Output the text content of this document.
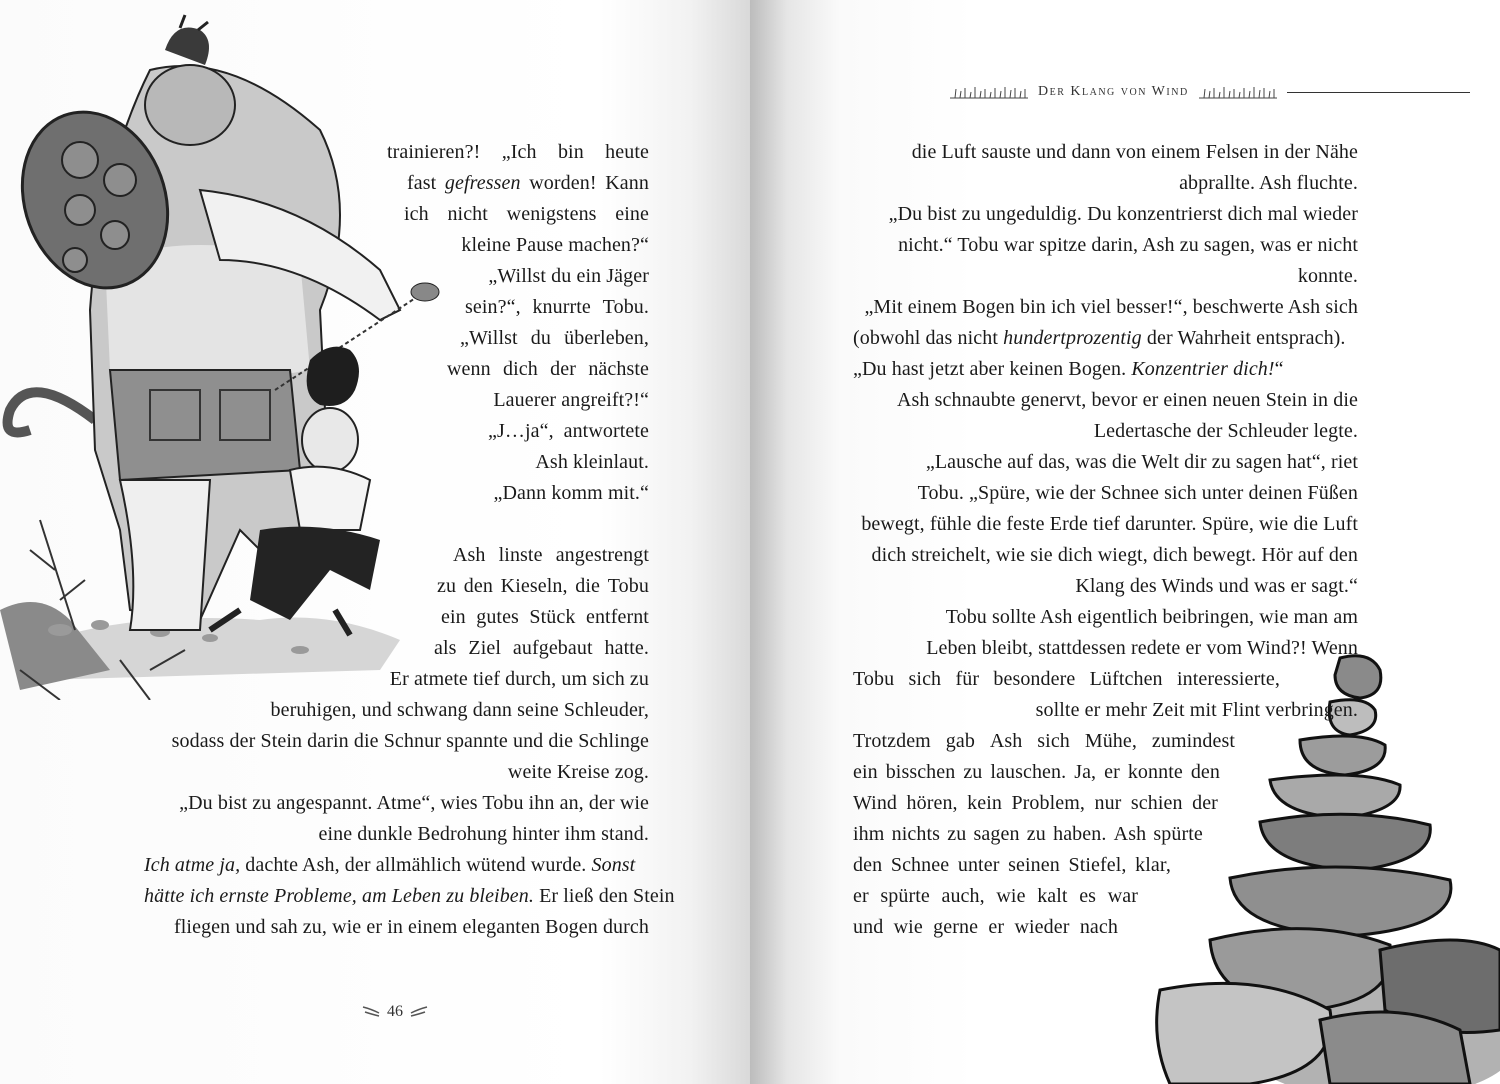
trainieren?! „Ich bin heute
fast gefressen worden! Kann
ich nicht wenigstens eine
kleine Pause machen?“
„Willst du ein Jäger
sein?“, knurrte Tobu.
„Willst du überleben,
wenn dich der nächste
Lauerer angreift?!“
„J…ja“, antwortete
Ash kleinlaut.
„Dann komm mit.“
Ash linste angestrengt
zu den Kieseln, die Tobu
ein gutes Stück entfernt
als Ziel aufgebaut hatte.
Er atmete tief durch, um sich zu
beruhigen, und schwang dann seine Schleuder,
sodass der Stein darin die Schnur spannte und die Schlinge
weite Kreise zog.
„Du bist zu angespannt. Atme“, wies Tobu ihn an, der wie
eine dunkle Bedrohung hinter ihm stand.
Ich atme ja, dachte Ash, der allmählich wütend wurde. Sonst
hätte ich ernste Probleme, am Leben zu bleiben. Er ließ den Stein
fliegen und sah zu, wie er in einem eleganten Bogen durch
46
Der Klang von Wind
die Luft sauste und dann von einem Felsen in der Nähe
abprallte. Ash fluchte.
„Du bist zu ungeduldig. Du konzentrierst dich mal wieder
nicht.“ Tobu war spitze darin, Ash zu sagen, was er nicht
konnte.
„Mit einem Bogen bin ich viel besser!“, beschwerte Ash sich
(obwohl das nicht hundertprozentig der Wahrheit entsprach).
„Du hast jetzt aber keinen Bogen. Konzentrier dich!“
Ash schnaubte genervt, bevor er einen neuen Stein in die
Ledertasche der Schleuder legte.
„Lausche auf das, was die Welt dir zu sagen hat“, riet
Tobu. „Spüre, wie der Schnee sich unter deinen Füßen
bewegt, fühle die feste Erde tief darunter. Spüre, wie die Luft
dich streichelt, wie sie dich wiegt, dich bewegt. Hör auf den
Klang des Winds und was er sagt.“
Tobu sollte Ash eigentlich beibringen, wie man am
Leben bleibt, stattdessen redete er vom Wind?! Wenn
Tobu sich für besondere Lüftchen interessierte,
sollte er mehr Zeit mit Flint verbringen.
Trotzdem gab Ash sich Mühe, zumindest
ein bisschen zu lauschen. Ja, er konnte den
Wind hören, kein Problem, nur schien der
ihm nichts zu sagen zu haben. Ash spürte
den Schnee unter seinen Stiefel, klar,
er spürte auch, wie kalt es war
und wie gerne er wieder nach
